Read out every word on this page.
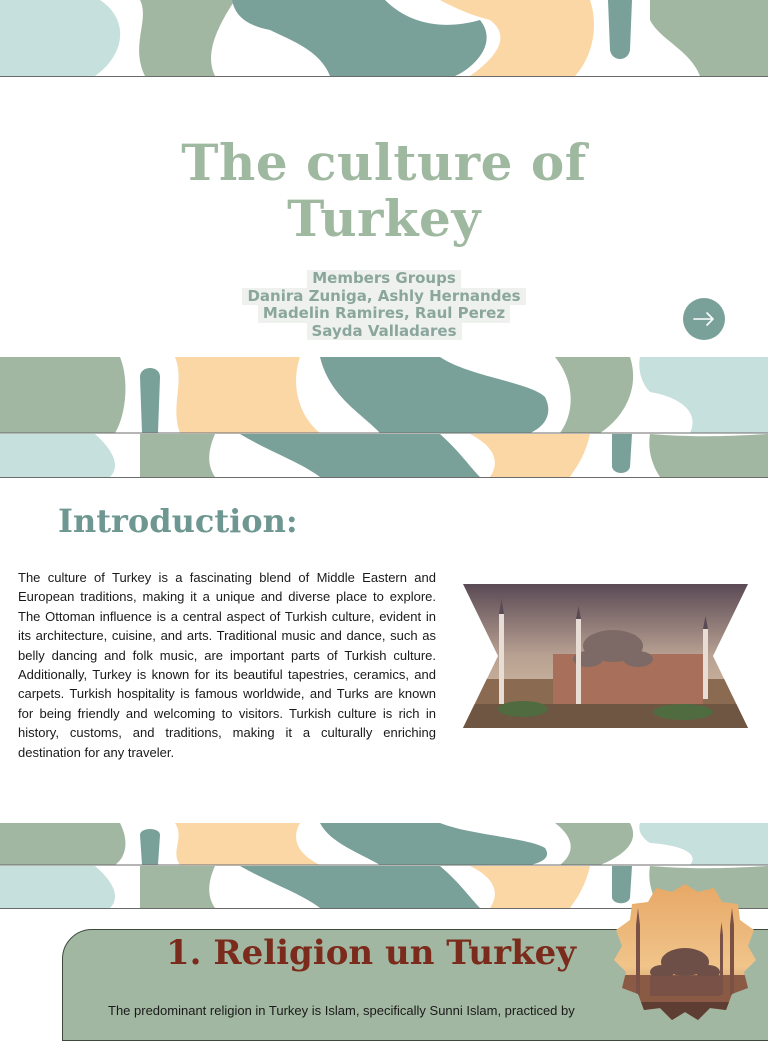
The culture of
Turkey
Members Groups
Danira Zuniga, Ashly Hernandes
Madelin Ramires, Raul Perez
Sayda Valladares
Introduction:

The culture of Turkey is a fascinating blend of Middle Eastern and European traditions, making it a unique and diverse place to explore. The Ottoman influence is a central aspect of Turkish culture, evident in its architecture, cuisine, and arts. Traditional music and dance, such as belly dancing and folk music, are important parts of Turkish culture. Additionally, Turkey is known for its beautiful tapestries, ceramics, and carpets. Turkish hospitality is famous worldwide, and Turks are known for being friendly and welcoming to visitors. Turkish culture is rich in history, customs, and traditions, making it a culturally enriching destination for any traveler.

1. Religion un Turkey

The predominant religion in Turkey is Islam, specifically Sunni Islam, practiced by
